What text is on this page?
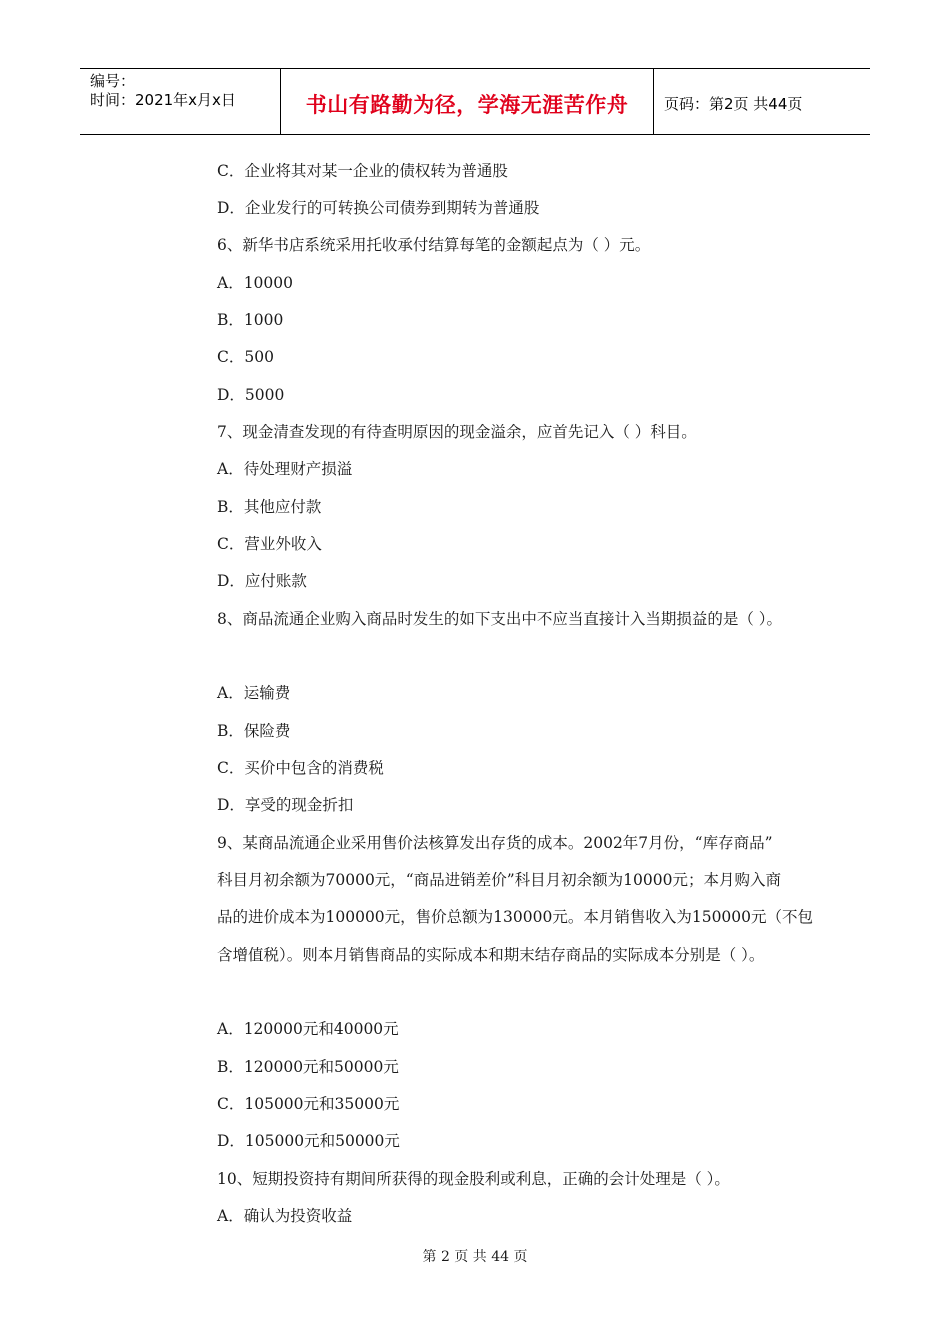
编号：
时间：2021年x月x日	书山有路勤为径，学海无涯苦作舟	页码：第2页 共44页
C．企业将其对某一企业的债权转为普通股
D．企业发行的可转换公司债券到期转为普通股
6、新华书店系统采用托收承付结算每笔的金额起点为（ ）元。
A．10000
B．1000
C．500
D．5000
7、现金清查发现的有待查明原因的现金溢余，应首先记入（ ）科目。
A．待处理财产损溢
B．其他应付款
C．营业外收入
D．应付账款
8、商品流通企业购入商品时发生的如下支出中不应当直接计入当期损益的是（ ）。
A．运输费
B．保险费
C．买价中包含的消费税
D．享受的现金折扣
9、某商品流通企业采用售价法核算发出存货的成本。2002年7月份，“库存商品”
科目月初余额为70000元，“商品进销差价”科目月初余额为10000元；本月购入商
品的进价成本为100000元，售价总额为130000元。本月销售收入为150000元（不包
含增值税）。则本月销售商品的实际成本和期末结存商品的实际成本分别是（ ）。
A．120000元和40000元
B．120000元和50000元
C．105000元和35000元
D．105000元和50000元
10、短期投资持有期间所获得的现金股利或利息，正确的会计处理是（ ）。
A．确认为投资收益
第 2 页 共 44 页
